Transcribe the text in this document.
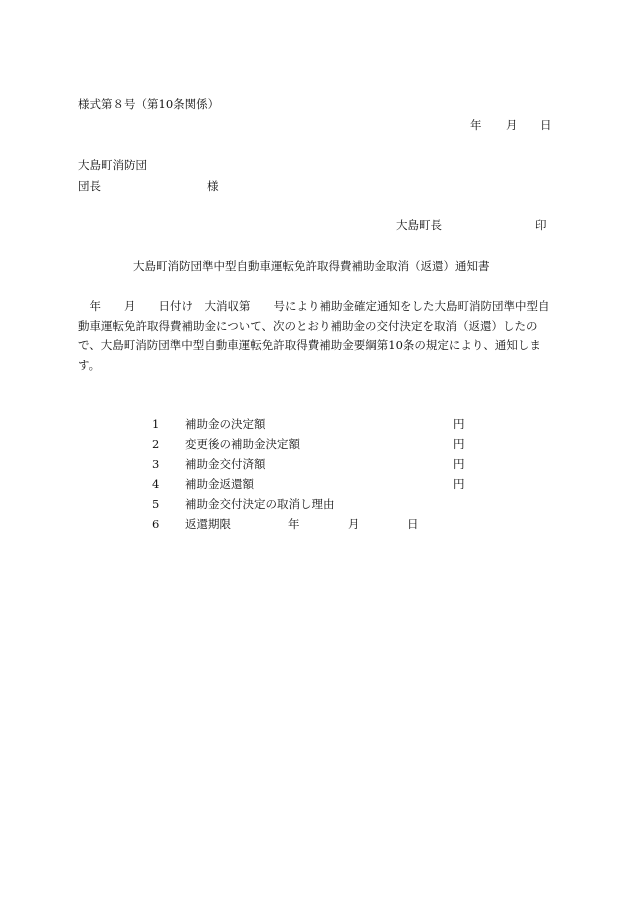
様式第８号（第10条関係）
年 月 日
大島町消防団
団長	様
大島町長	印
大島町消防団準中型自動車運転免許取得費補助金取消（返還）通知書
年　　 月　　 日付け　 大消収第　　 号により補助金確定通知をした大島町消防団準中型自動車運転免許取得費補助金について、次のとおり補助金の交付決定を取消（返還）したので、大島町消防団準中型自動車運転免許取得費補助金要綱第10条の規定により、通知します。
1 補助金の決定額	円
2 変更後の補助金決定額	円
3 補助金交付済額	円
4 補助金返還額	円
5 補助金交付決定の取消し理由
6 返還期限	年	月	日
